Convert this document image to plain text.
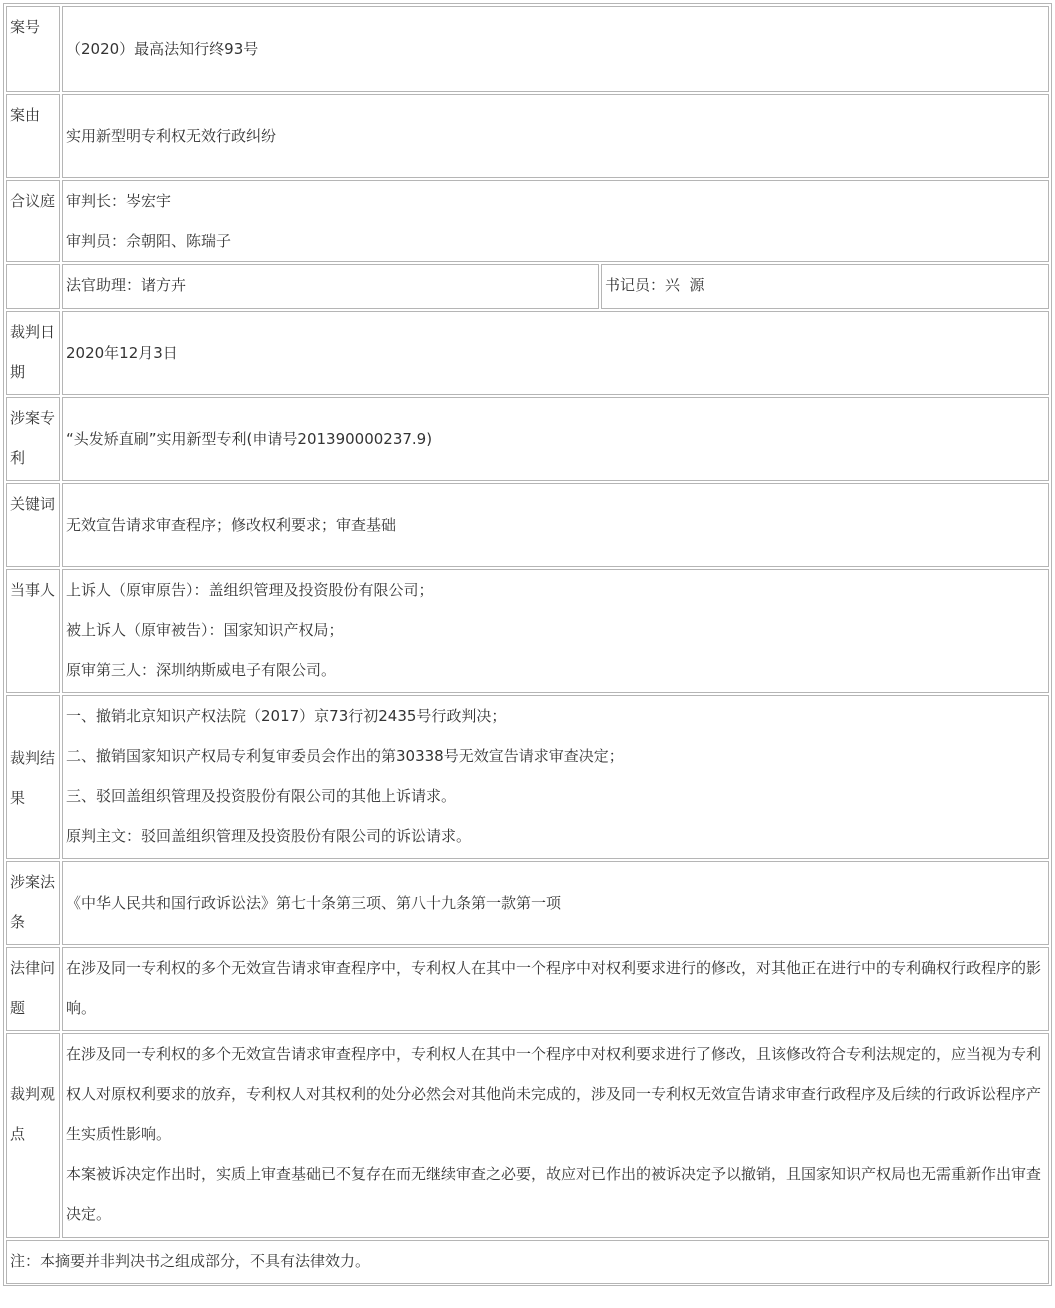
案号
（2020）最高法知行终93号
案由
实用新型明专利权无效行政纠纷
合议庭 审判长：岑宏宇
审判员：佘朝阳、陈瑞子
法官助理：诸方卉	书记员：兴  源
裁判日期
2020年12月3日
涉案专利
“头发矫直刷”实用新型专利(申请号201390000237.9)
关键词
无效宣告请求审查程序；修改权利要求；审查基础
当事人 上诉人（原审原告）：盖组织管理及投资股份有限公司；
被上诉人（原审被告）：国家知识产权局；
原审第三人：深圳纳斯威电子有限公司。
裁判结果
一、撤销北京知识产权法院（2017）京73行初2435号行政判决；
二、撤销国家知识产权局专利复审委员会作出的第30338号无效宣告请求审查决定；
三、驳回盖组织管理及投资股份有限公司的其他上诉请求。
原判主文：驳回盖组织管理及投资股份有限公司的诉讼请求。
涉案法条
《中华人民共和国行政诉讼法》第七十条第三项、第八十九条第一款第一项
法律问题
在涉及同一专利权的多个无效宣告请求审查程序中，专利权人在其中一个程序中对权利要求进行的修改，对其他正在进行中的专利确权行政程序的影响。
裁判观点
在涉及同一专利权的多个无效宣告请求审查程序中，专利权人在其中一个程序中对权利要求进行了修改，且该修改符合专利法规定的，应当视为专利权人对原权利要求的放弃，专利权人对其权利的处分必然会对其他尚未完成的，涉及同一专利权无效宣告请求审查行政程序及后续的行政诉讼程序产生实质性影响。
本案被诉决定作出时，实质上审查基础已不复存在而无继续审查之必要，故应对已作出的被诉决定予以撤销，且国家知识产权局也无需重新作出审查决定。
注：本摘要并非判决书之组成部分，不具有法律效力。
